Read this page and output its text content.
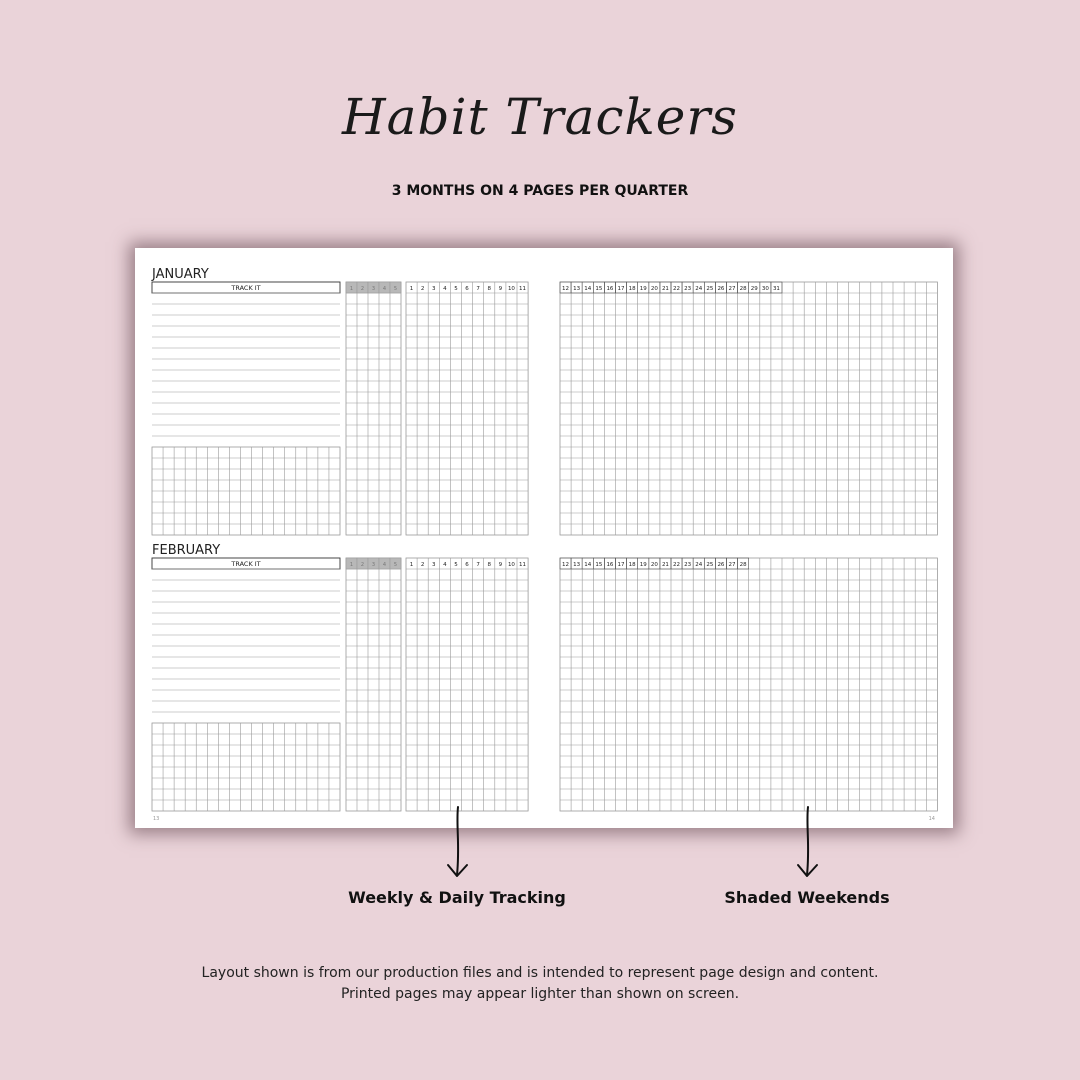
Habit Trackers
3 MONTHS ON 4 PAGES PER QUARTER
JANUARY
TRACK IT	1 2 3 4 5 1 2 3 4 5 6 7 8 9 10 11	12 13 14 15 16 17 18 19 20 21 22 23 24 25 26 27 28 29 30 31
FEBRUARY
TRACK IT	1 2 3 4 5 1 2 3 4 5 6 7 8 9 10 11	12 13 14 15 16 17 18 19 20 21 22 23 24 25 26 27 28
13	14
Weekly & Daily Tracking	Shaded Weekends
Layout shown is from our production files and is intended to represent page design and content.
Printed pages may appear lighter than shown on screen.
